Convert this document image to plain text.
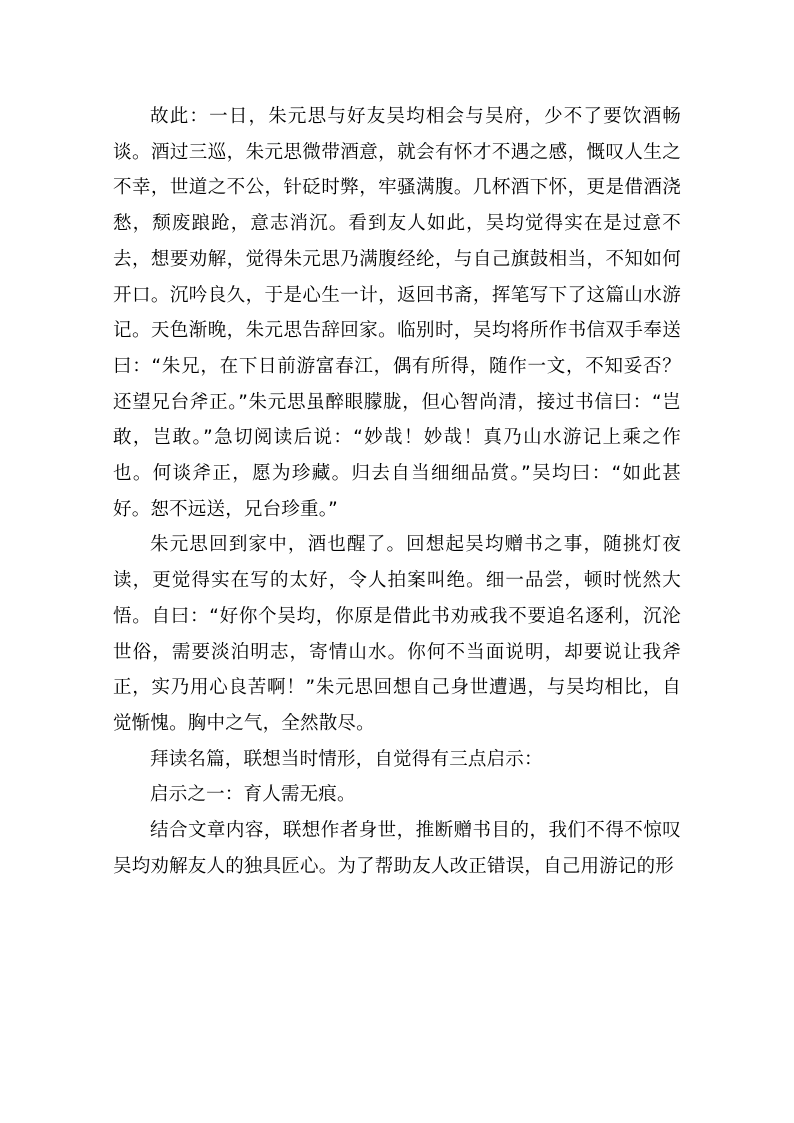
故此：一日，朱元思与好友吴均相会与吴府，少不了要饮酒畅谈。酒过三巡，朱元思微带酒意，就会有怀才不遇之感，慨叹人生之不幸，世道之不公，针砭时弊，牢骚满腹。几杯酒下怀，更是借酒浇愁，颓废踉跄，意志消沉。看到友人如此，吴均觉得实在是过意不去，想要劝解，觉得朱元思乃满腹经纶，与自己旗鼓相当，不知如何开口。沉吟良久，于是心生一计，返回书斋，挥笔写下了这篇山水游记。天色渐晚，朱元思告辞回家。临别时，吴均将所作书信双手奉送曰：“朱兄，在下日前游富春江，偶有所得，随作一文，不知妥否？还望兄台斧正。”朱元思虽醉眼朦胧，但心智尚清，接过书信曰：“岂敢，岂敢。”急切阅读后说：“妙哉！妙哉！真乃山水游记上乘之作也。何谈斧正，愿为珍藏。归去自当细细品赏。”吴均曰：“如此甚好。恕不远送，兄台珍重。”

朱元思回到家中，酒也醒了。回想起吴均赠书之事，随挑灯夜读，更觉得实在写的太好，令人拍案叫绝。细一品尝，顿时恍然大悟。自曰：“好你个吴均，你原是借此书劝戒我不要追名逐利，沉沦世俗，需要淡泊明志，寄情山水。你何不当面说明，却要说让我斧正，实乃用心良苦啊！”朱元思回想自己身世遭遇，与吴均相比，自觉惭愧。胸中之气，全然散尽。

拜读名篇，联想当时情形，自觉得有三点启示：

启示之一：育人需无痕。

结合文章内容，联想作者身世，推断赠书目的，我们不得不惊叹吴均劝解友人的独具匠心。为了帮助友人改正错误，自己用游记的形
